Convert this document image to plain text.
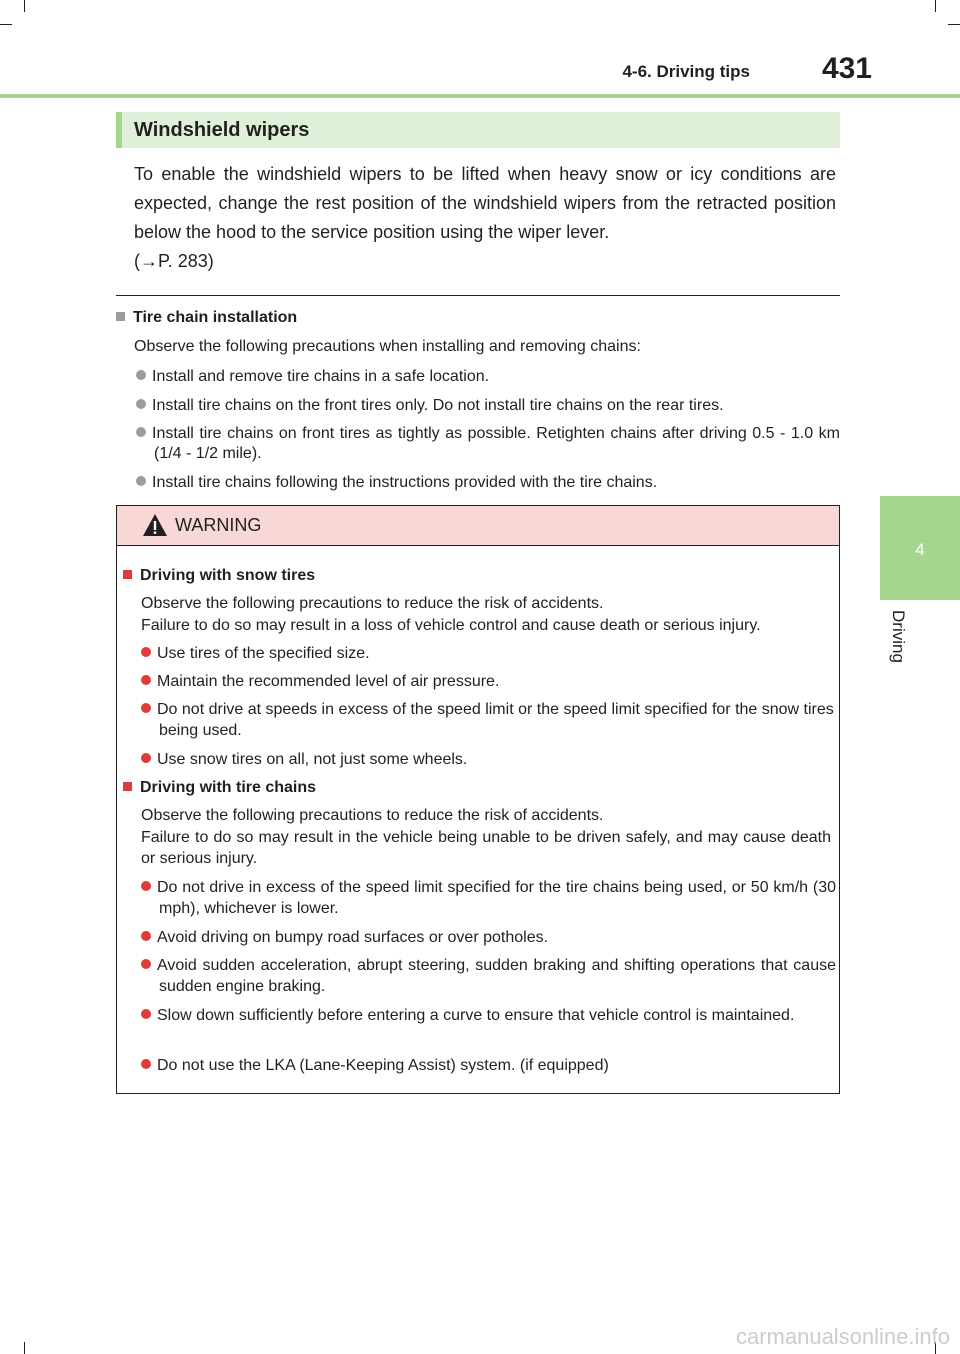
4-6. Driving tips 431
4
Driving
Windshield wipers

To enable the windshield wipers to be lifted when heavy snow or icy conditions are expected, change the rest position of the windshield wipers from the retracted position below the hood to the service position using the wiper lever.

(→P. 283)
Tire chain installation
Observe the following precautions when installing and removing chains:
Install and remove tire chains in a safe location.
Install tire chains on the front tires only. Do not install tire chains on the rear tires.
Install tire chains on front tires as tightly as possible. Retighten chains after driving 0.5 - 1.0 km (1/4 - 1/2 mile).
Install tire chains following the instructions provided with the tire chains.
WARNING
Driving with snow tires
Observe the following precautions to reduce the risk of accidents.
Failure to do so may result in a loss of vehicle control and cause death or serious injury.
Use tires of the specified size.
Maintain the recommended level of air pressure.
Do not drive at speeds in excess of the speed limit or the speed limit specified for the snow tires being used.
Use snow tires on all, not just some wheels.
Driving with tire chains
Observe the following precautions to reduce the risk of accidents.
Failure to do so may result in the vehicle being unable to be driven safely, and may cause death or serious injury.
Do not drive in excess of the speed limit specified for the tire chains being used, or 50 km/h (30 mph), whichever is lower.
Avoid driving on bumpy road surfaces or over potholes.
Avoid sudden acceleration, abrupt steering, sudden braking and shifting operations that cause sudden engine braking.
Slow down sufficiently before entering a curve to ensure that vehicle control is maintained.
Do not use the LKA (Lane-Keeping Assist) system. (if equipped)
carmanualsonline.info
